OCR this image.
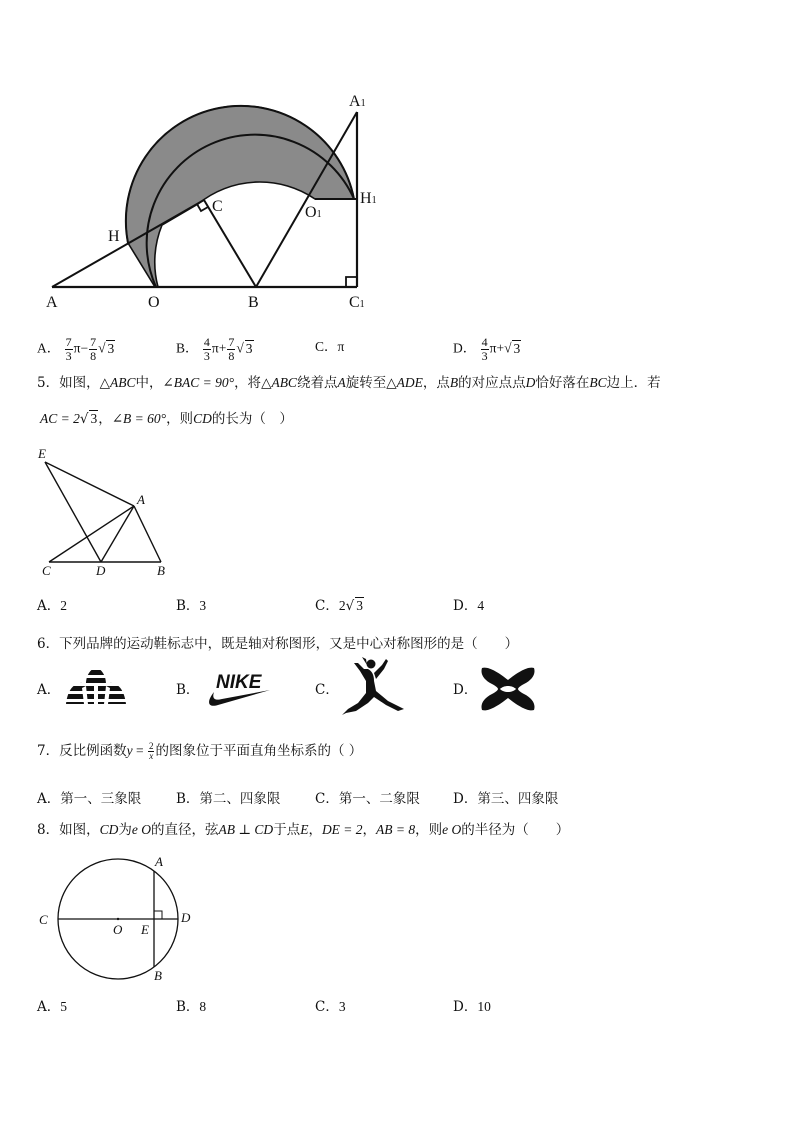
A1
H1
O1
C1
C
H
A	O	B
A． $\frac{7}{3} \pi- \frac{7}{8}$ √ 3	B． $\frac{4}{3} \pi+ \frac{7}{8}$ √ 3	C．π	D． $\frac{4}{3} \pi+√$ 3
5．如图，△ABC中，∠BAC = 90°，将△ABC绕着点A旋转至△ADE，点B的对应点点D恰好落在BC边上．若
AC = 2√ 3，∠B = 60°，则CD的长为（　）
E
A
C	D	B
A．2	B．3	C．2√ 3	D．4
6．下列品牌的运动鞋标志中，既是轴对称图形，又是中心对称图形的是（　　）
A．	B． NIKE	C．	D．
7．反比例函数$y = \frac{2}{x}$ 的图象位于平面直角坐标系的（ ）
A．第一、三象限	B．第二、四象限	C．第一、二象限 D．第三、四象限
8．如图，CD为e O的直径，弦AB ⊥ CD于点E，DE = 2，AB = 8，则e O的半径为（　　）
A
C
O E
D
B
A．5	B．8	C．3	D．10
